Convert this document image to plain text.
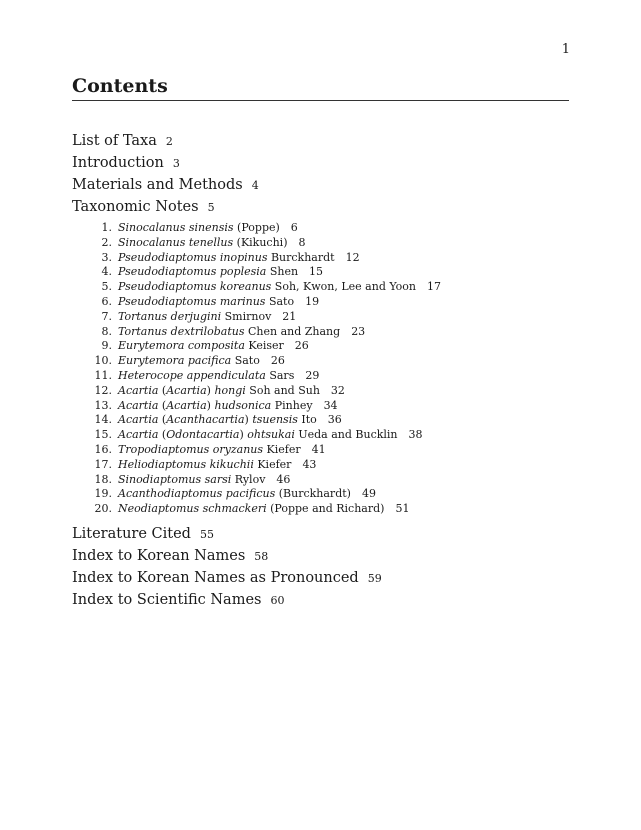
1
Contents
List of Taxa 2
Introduction 3
Materials and Methods 4
Taxonomic Notes 5
1. Sinocalanus sinensis (Poppe) 6
2. Sinocalanus tenellus (Kikuchi) 8
3. Pseudodiaptomus inopinus Burckhardt 12
4. Pseudodiaptomus poplesia Shen 15
5. Pseudodiaptomus koreanus Soh, Kwon, Lee and Yoon 17
6. Pseudodiaptomus marinus Sato 19
7. Tortanus derjugini Smirnov 21
8. Tortanus dextrilobatus Chen and Zhang 23
9. Eurytemora composita Keiser 26
10. Eurytemora pacifica Sato 26
11. Heterocope appendiculata Sars 29
12. Acartia (Acartia) hongi Soh and Suh 32
13. Acartia (Acartia) hudsonica Pinhey 34
14. Acartia (Acanthacartia) tsuensis Ito 36
15. Acartia (Odontacartia) ohtsukai Ueda and Bucklin 38
16. Tropodiaptomus oryzanus Kiefer 41
17. Heliodiaptomus kikuchii Kiefer 43
18. Sinodiaptomus sarsi Rylov 46
19. Acanthodiaptomus pacificus (Burckhardt) 49
20. Neodiaptomus schmackeri (Poppe and Richard) 51
Literature Cited 55
Index to Korean Names 58
Index to Korean Names as Pronounced 59
Index to Scientific Names 60
